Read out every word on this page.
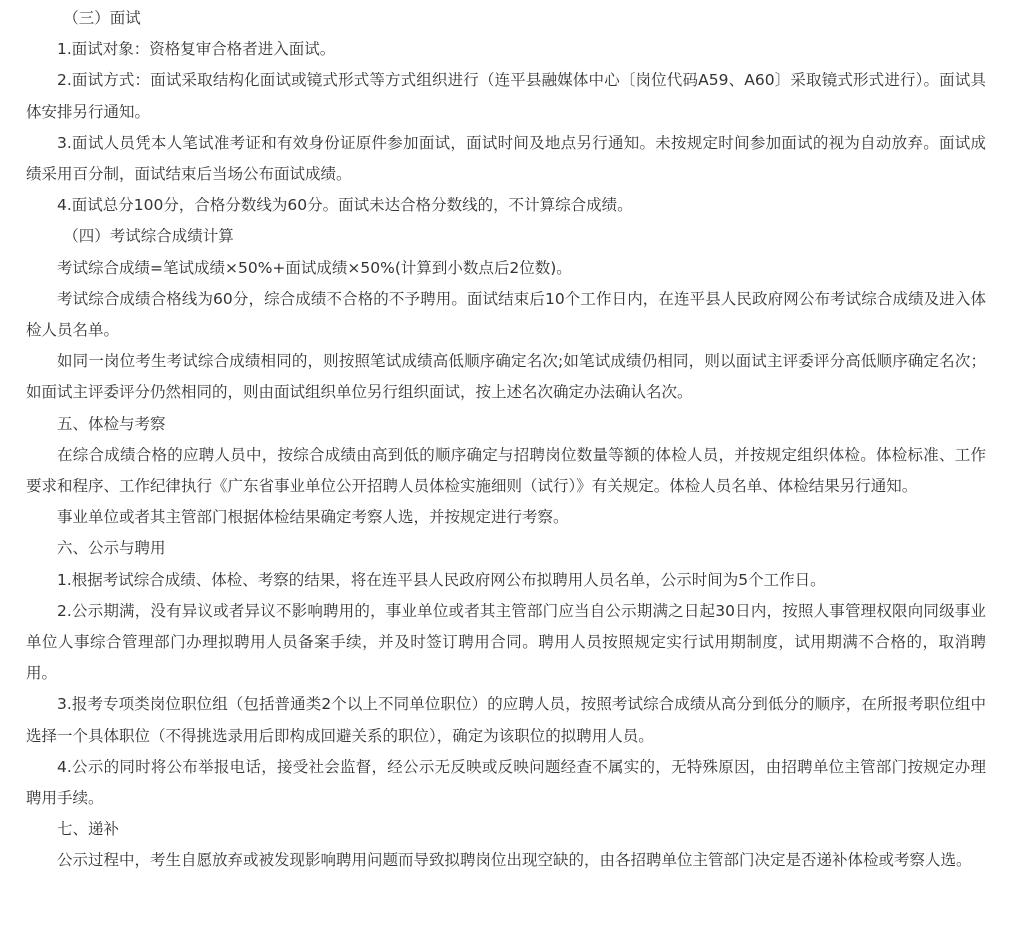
（三）面试

1.面试对象：资格复审合格者进入面试。

2.面试方式：面试采取结构化面试或镜式形式等方式组织进行（连平县融媒体中心〔岗位代码A59、A60〕采取镜式形式进行）。面试具体安排另行通知。

3.面试人员凭本人笔试准考证和有效身份证原件参加面试，面试时间及地点另行通知。未按规定时间参加面试的视为自动放弃。面试成绩采用百分制，面试结束后当场公布面试成绩。

4.面试总分100分，合格分数线为60分。面试未达合格分数线的，不计算综合成绩。

（四）考试综合成绩计算

考试综合成绩=笔试成绩×50%+面试成绩×50%(计算到小数点后2位数)。

考试综合成绩合格线为60分，综合成绩不合格的不予聘用。面试结束后10个工作日内，在连平县人民政府网公布考试综合成绩及进入体检人员名单。

如同一岗位考生考试综合成绩相同的，则按照笔试成绩高低顺序确定名次;如笔试成绩仍相同，则以面试主评委评分高低顺序确定名次；如面试主评委评分仍然相同的，则由面试组织单位另行组织面试，按上述名次确定办法确认名次。

五、体检与考察

在综合成绩合格的应聘人员中，按综合成绩由高到低的顺序确定与招聘岗位数量等额的体检人员，并按规定组织体检。体检标准、工作要求和程序、工作纪律执行《广东省事业单位公开招聘人员体检实施细则（试行）》有关规定。体检人员名单、体检结果另行通知。

事业单位或者其主管部门根据体检结果确定考察人选，并按规定进行考察。

六、公示与聘用

1.根据考试综合成绩、体检、考察的结果，将在连平县人民政府网公布拟聘用人员名单，公示时间为5个工作日。

2.公示期满，没有异议或者异议不影响聘用的，事业单位或者其主管部门应当自公示期满之日起30日内，按照人事管理权限向同级事业单位人事综合管理部门办理拟聘用人员备案手续，并及时签订聘用合同。聘用人员按照规定实行试用期制度，试用期满不合格的，取消聘用。

3.报考专项类岗位职位组（包括普通类2个以上不同单位职位）的应聘人员，按照考试综合成绩从高分到低分的顺序，在所报考职位组中选择一个具体职位（不得挑选录用后即构成回避关系的职位），确定为该职位的拟聘用人员。

4.公示的同时将公布举报电话，接受社会监督，经公示无反映或反映问题经查不属实的，无特殊原因，由招聘单位主管部门按规定办理聘用手续。

七、递补

公示过程中，考生自愿放弃或被发现影响聘用问题而导致拟聘岗位出现空缺的，由各招聘单位主管部门决定是否递补体检或考察人选。
